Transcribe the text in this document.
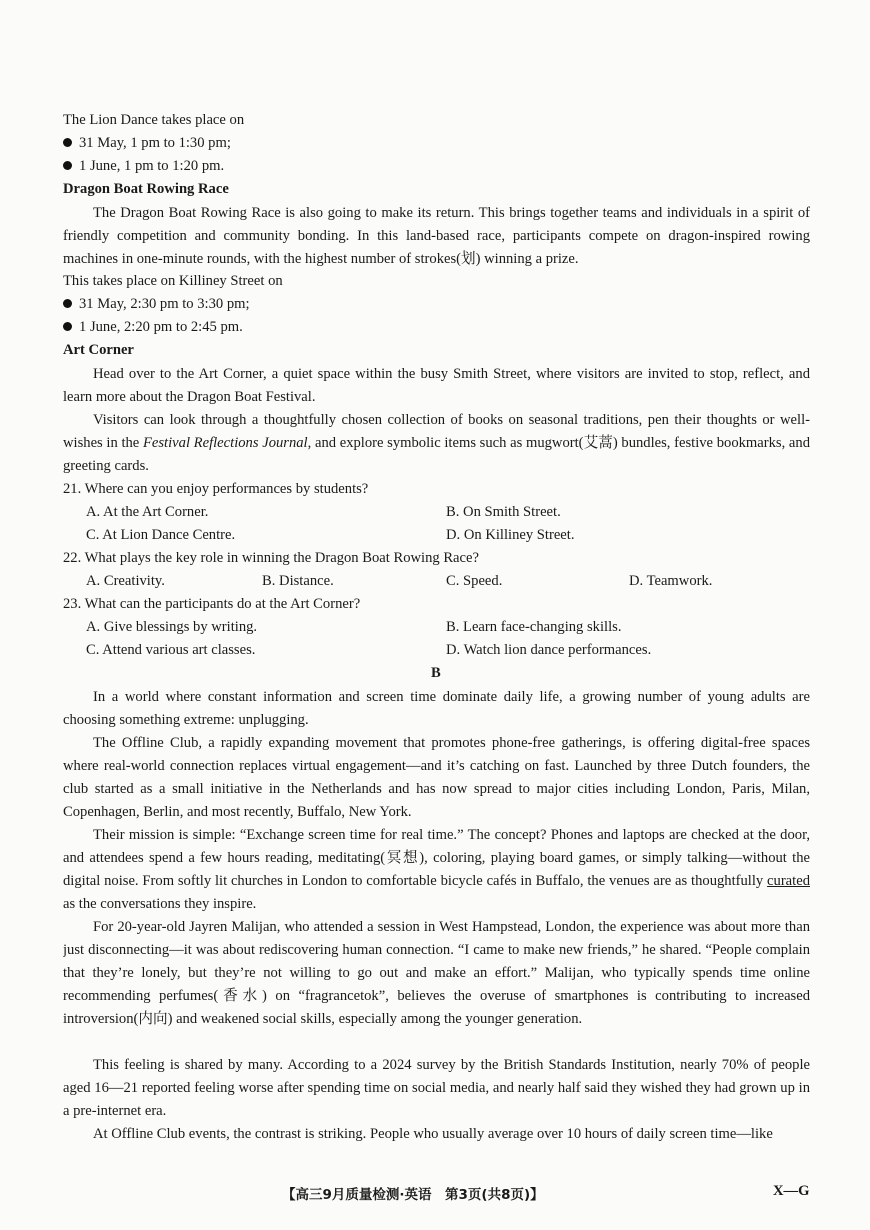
The Lion Dance takes place on
31 May, 1 pm to 1:30 pm;
1 June, 1 pm to 1:20 pm.
Dragon Boat Rowing Race
The Dragon Boat Rowing Race is also going to make its return. This brings together teams and individuals in a spirit of friendly competition and community bonding. In this land-based race, participants compete on dragon-inspired rowing machines in one-minute rounds, with the highest number of strokes(划) winning a prize.
This takes place on Killiney Street on
31 May, 2:30 pm to 3:30 pm;
1 June, 2:20 pm to 2:45 pm.
Art Corner
Head over to the Art Corner, a quiet space within the busy Smith Street, where visitors are invited to stop, reflect, and learn more about the Dragon Boat Festival.
Visitors can look through a thoughtfully chosen collection of books on seasonal traditions, pen their thoughts or well-wishes in the Festival Reflections Journal, and explore symbolic items such as mugwort(艾蒿) bundles, festive bookmarks, and greeting cards.
21. Where can you enjoy performances by students?
A. At the Art Corner.	B. On Smith Street.
C. At Lion Dance Centre.	D. On Killiney Street.
22. What plays the key role in winning the Dragon Boat Rowing Race?
A. Creativity.	B. Distance.	C. Speed.	D. Teamwork.
23. What can the participants do at the Art Corner?
A. Give blessings by writing.	B. Learn face-changing skills.
C. Attend various art classes.	D. Watch lion dance performances.
B
In a world where constant information and screen time dominate daily life, a growing number of young adults are choosing something extreme: unplugging.
The Offline Club, a rapidly expanding movement that promotes phone-free gatherings, is offering digital-free spaces where real-world connection replaces virtual engagement—and it’s catching on fast. Launched by three Dutch founders, the club started as a small initiative in the Netherlands and has now spread to major cities including London, Paris, Milan, Copenhagen, Berlin, and most recently, Buffalo, New York.
Their mission is simple: “Exchange screen time for real time.” The concept? Phones and laptops are checked at the door, and attendees spend a few hours reading, meditating(冥想), coloring, playing board games, or simply talking—without the digital noise. From softly lit churches in London to comfortable bicycle cafés in Buffalo, the venues are as thoughtfully curated as the conversations they inspire.
For 20-year-old Jayren Malijan, who attended a session in West Hampstead, London, the experience was about more than just disconnecting—it was about rediscovering human connection. “I came to make new friends,” he shared. “People complain that they’re lonely, but they’re not willing to go out and make an effort.” Malijan, who typically spends time online recommending perfumes(香水) on “fragrancetok”, believes the overuse of smartphones is contributing to increased introversion(内向) and weakened social skills, especially among the younger generation.
This feeling is shared by many. According to a 2024 survey by the British Standards Institution, nearly 70% of people aged 16—21 reported feeling worse after spending time on social media, and nearly half said they wished they had grown up in a pre-internet era.
At Offline Club events, the contrast is striking. People who usually average over 10 hours of daily screen time—like
【高三9月质量检测·英语　第3页(共8页)】	X—G
